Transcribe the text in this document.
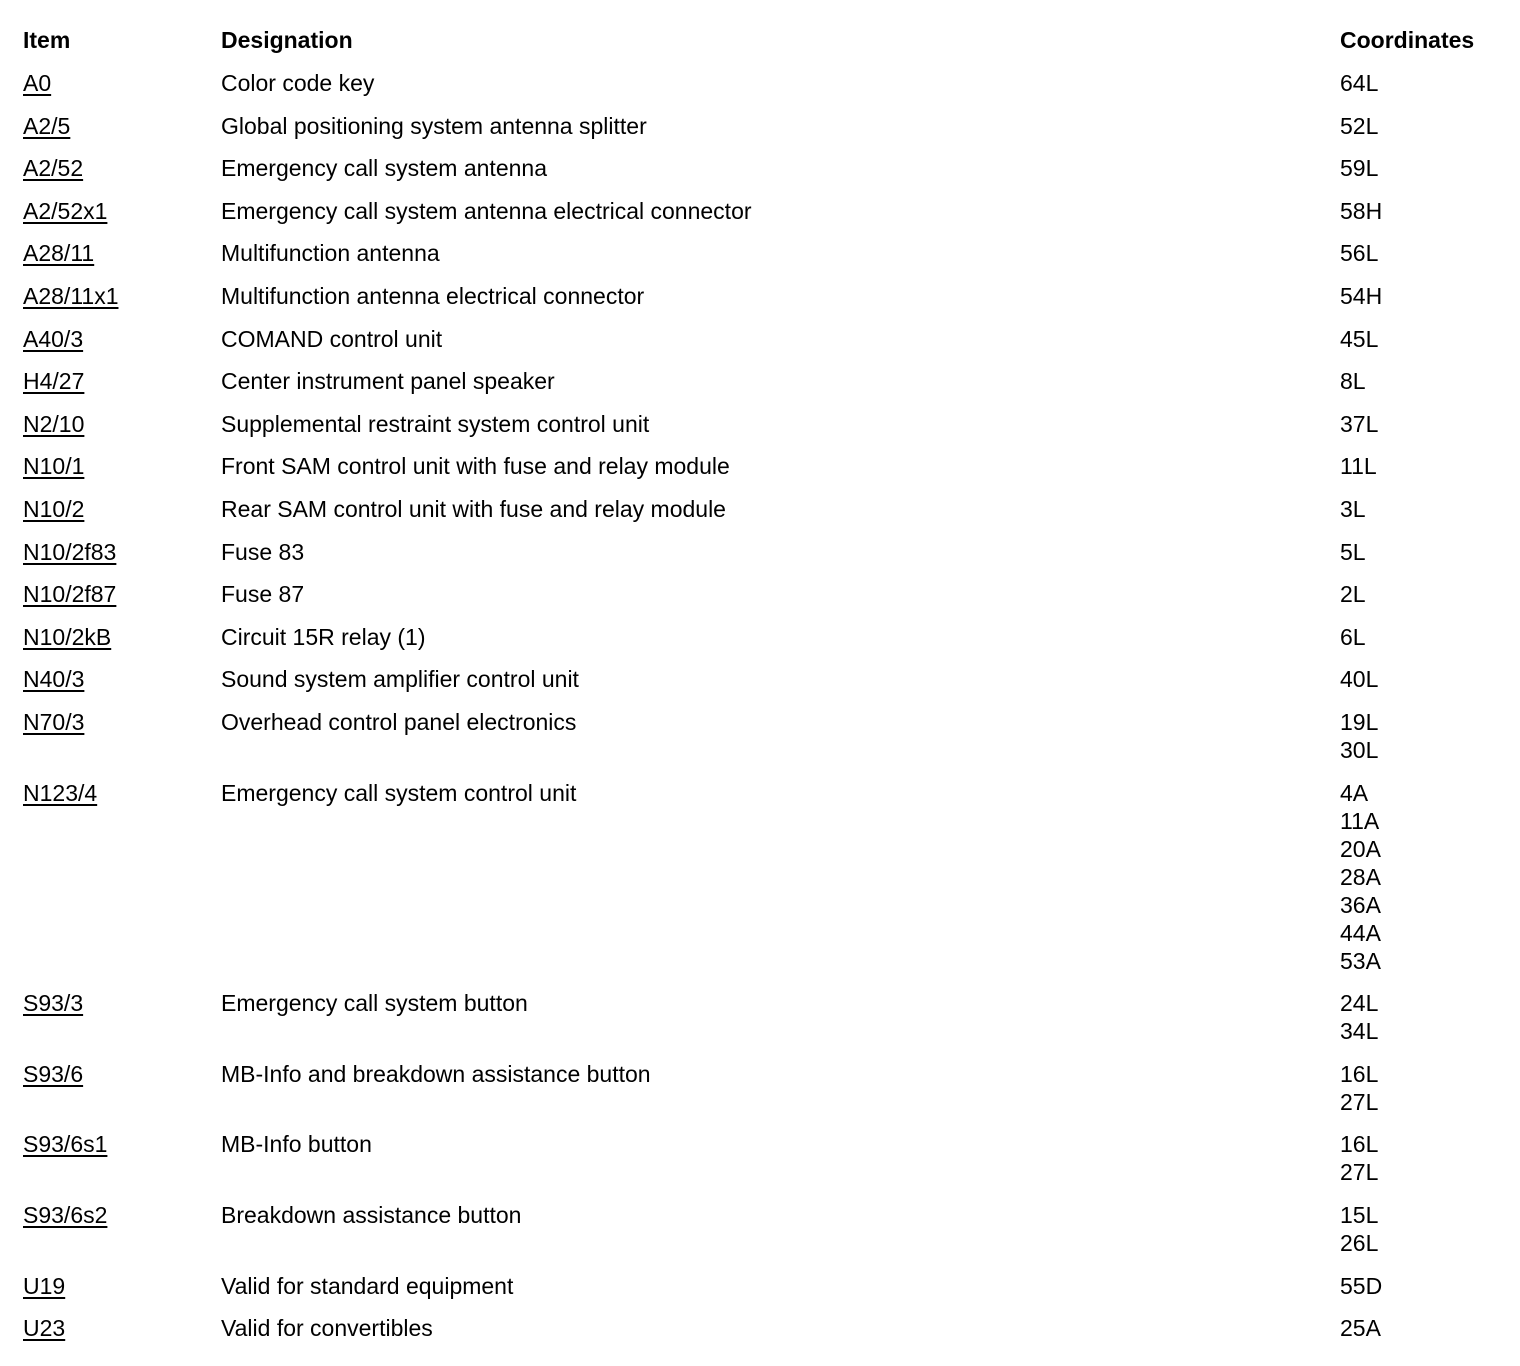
Item	Designation	Coordinates
A0	Color code key	64L
A2/5	Global positioning system antenna splitter	52L
A2/52	Emergency call system antenna	59L
A2/52x1	Emergency call system antenna electrical connector	58H
A28/11	Multifunction antenna	56L
A28/11x1	Multifunction antenna electrical connector	54H
A40/3	COMAND control unit	45L
H4/27	Center instrument panel speaker	8L
N2/10	Supplemental restraint system control unit	37L
N10/1	Front SAM control unit with fuse and relay module	11L
N10/2	Rear SAM control unit with fuse and relay module	3L
N10/2f83	Fuse 83	5L
N10/2f87	Fuse 87	2L
N10/2kB	Circuit 15R relay (1)	6L
N40/3	Sound system amplifier control unit	40L
N70/3	Overhead control panel electronics	19L
30L
N123/4	Emergency call system control unit	4A
11A
20A
28A
36A
44A
53A
S93/3	Emergency call system button	24L
34L
S93/6	MB-Info and breakdown assistance button	16L
27L
S93/6s1	MB-Info button	16L
27L
S93/6s2	Breakdown assistance button	15L
26L
U19	Valid for standard equipment	55D
U23	Valid for convertibles	25A
